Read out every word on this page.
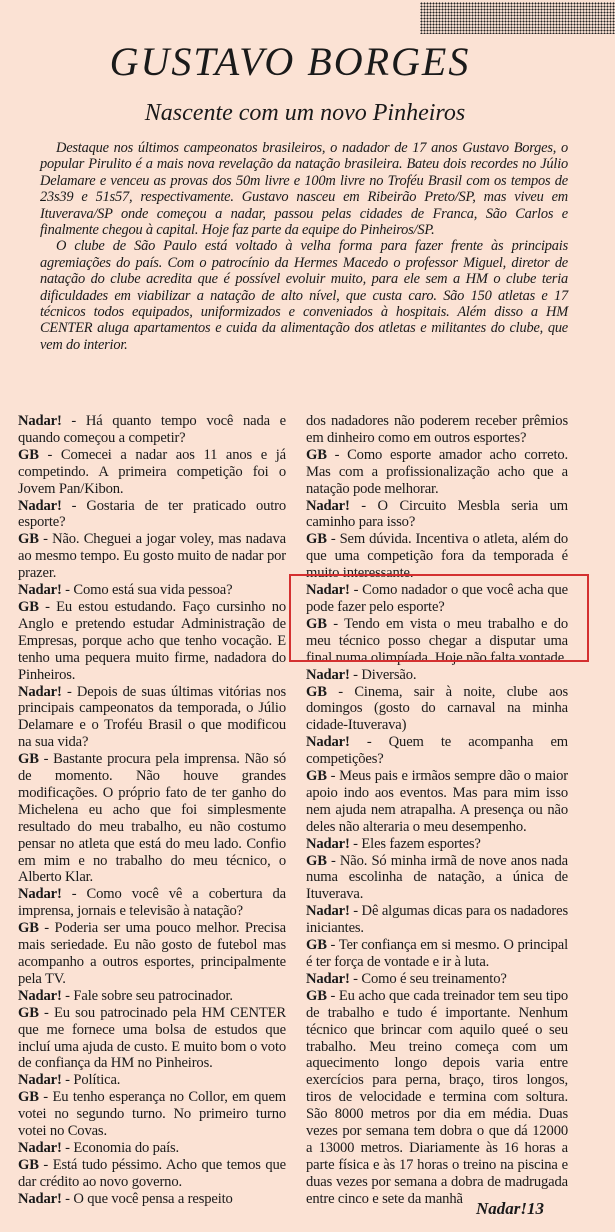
GUSTAVO BORGES
Nascente com um novo Pinheiros

Destaque nos últimos campeonatos brasileiros, o nadador de 17 anos Gustavo Borges, o popular Pirulito é a mais nova revelação da natação brasileira. Bateu dois recordes no Júlio Delamare e venceu as provas dos 50m livre e 100m livre no Troféu Brasil com os tempos de 23s39 e 51s57, respectivamente. Gustavo nasceu em Ribeirão Preto/SP, mas viveu em Ituverava/SP onde começou a nadar, passou pelas cidades de Franca, São Carlos e finalmente chegou à capital. Hoje faz parte da equipe do Pinheiros/SP.

O clube de São Paulo está voltado à velha forma para fazer frente às principais agremiações do país. Com o patrocínio da Hermes Macedo o professor Miguel, diretor de natação do clube acredita que é possível evoluir muito, para ele sem a HM o clube teria dificuldades em viabilizar a natação de alto nível, que custa caro. São 150 atletas e 17 técnicos todos equipados, uniformizados e conveniados à hospitais. Além disso a HM CENTER aluga apartamentos e cuida da alimentação dos atletas e militantes do clube, que vem do interior.

Nadar! - Há quanto tempo você nada e quando começou a competir?

GB - Comecei a nadar aos 11 anos e já competindo. A primeira competição foi o Jovem Pan/Kibon.

Nadar! - Gostaria de ter praticado outro esporte?

GB - Não. Cheguei a jogar voley, mas nadava ao mesmo tempo. Eu gosto muito de nadar por prazer.

Nadar! - Como está sua vida pessoa?

GB - Eu estou estudando. Faço cursinho no Anglo e pretendo estudar Administração de Empresas, porque acho que tenho vocação. E tenho uma pequera muito firme, nadadora do Pinheiros.

Nadar! - Depois de suas últimas vitórias nos principais campeonatos da temporada, o Júlio Delamare e o Troféu Brasil o que modificou na sua vida?

GB - Bastante procura pela imprensa. Não só de momento. Não houve grandes modificações. O próprio fato de ter ganho do Michelena eu acho que foi simplesmente resultado do meu trabalho, eu não costumo pensar no atleta que está do meu lado. Confio em mim e no trabalho do meu técnico, o Alberto Klar.

Nadar! - Como você vê a cobertura da imprensa, jornais e televisão à natação?

GB - Poderia ser uma pouco melhor. Precisa mais seriedade. Eu não gosto de futebol mas acompanho a outros esportes, principalmente pela TV.

Nadar! - Fale sobre seu patrocinador.

GB - Eu sou patrocinado pela HM CENTER que me fornece uma bolsa de estudos que incluí uma ajuda de custo. E muito bom o voto de confiança da HM no Pinheiros.

Nadar! - Política.

GB - Eu tenho esperança no Collor, em quem votei no segundo turno. No primeiro turno votei no Covas.

Nadar! - Economia do país.

GB - Está tudo péssimo. Acho que temos que dar crédito ao novo governo.

Nadar! - O que você pensa a respeito

dos nadadores não poderem receber prêmios em dinheiro como em outros esportes?

GB - Como esporte amador acho correto. Mas com a profissionalização acho que a natação pode melhorar.

Nadar! - O Circuito Mesbla seria um caminho para isso?

GB - Sem dúvida. Incentiva o atleta, além do que uma competição fora da temporada é muito interessante.

Nadar! - Como nadador o que você acha que pode fazer pelo esporte?

GB - Tendo em vista o meu trabalho e do meu técnico posso chegar a disputar uma final numa olimpíada. Hoje não falta vontade.

Nadar! - Diversão.

GB - Cinema, sair à noite, clube aos domingos (gosto do carnaval na minha cidade-Ituverava)

Nadar! - Quem te acompanha em competições?

GB - Meus pais e irmãos sempre dão o maior apoio indo aos eventos. Mas para mim isso nem ajuda nem atrapalha. A presença ou não deles não alteraria o meu desempenho.

Nadar! - Eles fazem esportes?

GB - Não. Só minha irmã de nove anos nada numa escolinha de natação, a única de Ituverava.

Nadar! - Dê algumas dicas para os nadadores iniciantes.

GB - Ter confiança em si mesmo. O principal é ter força de vontade e ir à luta.

Nadar! - Como é seu treinamento?

GB - Eu acho que cada treinador tem seu tipo de trabalho e tudo é importante. Nenhum técnico que brincar com aquilo queé o seu trabalho. Meu treino começa com um aquecimento longo depois varia entre exercícios para perna, braço, tiros longos, tiros de velocidade e termina com soltura. São 8000 metros por dia em média. Duas vezes por semana tem dobra o que dá 12000 a 13000 metros. Diariamente às 16 horas a parte física e às 17 horas o treino na piscina e duas vezes por semana a dobra de madrugada entre cinco e sete da manhã

Nadar!13
